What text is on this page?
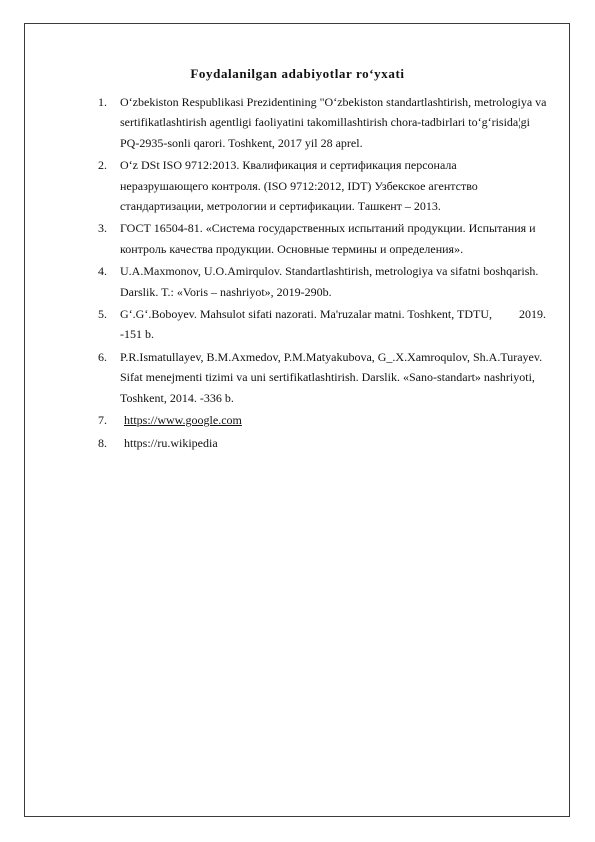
Foydalanilgan adabiyotlar ro‘yxati
1. O‘zbekiston Respublikasi Prezidentining "O‘zbekiston standartlashtirish, metrologiya va sertifikatlashtirish agentligi faoliyatini takomillashtirish chora-tadbirlari to‘g‘risida¦gi PQ-2935-sonli qarori. Toshkent, 2017 yil 28 aprel.
2. O‘z DSt ISO 9712:2013. Квалификация и сертификация персонала неразрушающего контроля. (ISO 9712:2012, IDT) Узбекское агентство стандартизации, метрологии и сертификации. Ташкент – 2013.
3. ГОСТ 16504-81. «Система государственных испытаний продукции. Испытания и контроль качества продукции. Основные термины и определения».
4. U.A.Maxmonov, U.O.Amirqulov. Standartlashtirish, metrologiya va sifatni boshqarish. Darslik. T.: «Voris – nashriyot», 2019-290b.
5. G‘.G‘.Boboyev. Mahsulot sifati nazorati. Ma'ruzalar matni. Toshkent, TDTU,         2019. -151 b.
6. P.R.Ismatullayev, B.M.Axmedov, P.M.Matyakubova, G_.X.Xamroqulov, Sh.A.Turayev. Sifat menejmenti tizimi va uni sertifikatlashtirish. Darslik. «Sano-standart» nashriyoti, Toshkent, 2014. -336 b.
7. https://www.google.com
8. https://ru.wikipedia
